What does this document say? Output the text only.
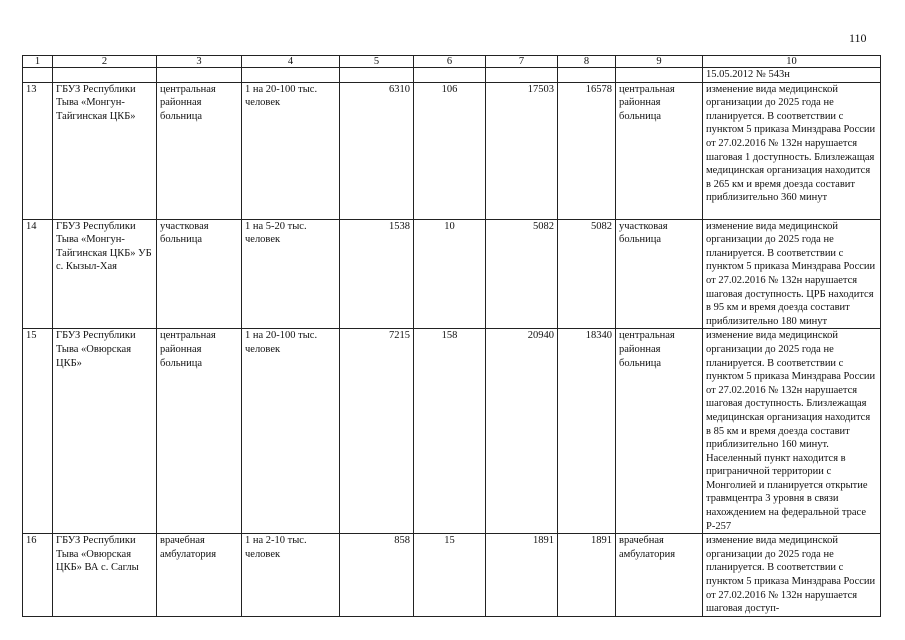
110
1	2	3	4	5	6	7	8	9	10
									15.05.2012 № 543н
13	ГБУЗ Республики Тыва «Монгун-Тайгинская ЦКБ»	центральная районная больница	1 на 20-100 тыс. человек	6310	106	17503	16578	центральная районная больница	изменение вида медицинской организации до 2025 года не планируется. В соответствии с пунктом 5 приказа Минздрава России от 27.02.2016 № 132н нарушается шаговая 1 доступность. Близлежащая медицинская организация находится в 265 км и время доезда составит приблизительно 360 минут
14	ГБУЗ Республики Тыва «Монгун-Тайгинская ЦКБ» УБ с. Кызыл-Хая	участковая больница	1 на 5-20 тыс. человек	1538	10	5082	5082	участковая больница	изменение вида медицинской организации до 2025 года не планируется. В соответствии с пунктом 5 приказа Минздрава России от 27.02.2016 № 132н нарушается шаговая доступность. ЦРБ находится в 95 км и время доезда составит приблизительно 180 минут
15	ГБУЗ Республики Тыва «Овюрская ЦКБ»	центральная районная больница	1 на 20-100 тыс. человек	7215	158	20940	18340	центральная районная больница	изменение вида медицинской организации до 2025 года не планируется. В соответствии с пунктом 5 приказа Минздрава России от 27.02.2016 № 132н нарушается шаговая доступность. Близлежащая медицинская организация находится в 85 км и время доезда составит приблизительно 160 минут. Населенный пункт находится в приграничной территории с Монголией и планируется открытие травмцентра 3 уровня в связи нахождением на федеральной трасе Р-257
16	ГБУЗ Республики Тыва «Овюрская ЦКБ» ВА с. Саглы	врачебная амбулатория	1 на 2-10 тыс. человек	858	15	1891	1891	врачебная амбулатория	изменение вида медицинской организации до 2025 года не планируется. В соответствии с пунктом 5 приказа Минздрава России от 27.02.2016 № 132н нарушается шаговая доступ-
